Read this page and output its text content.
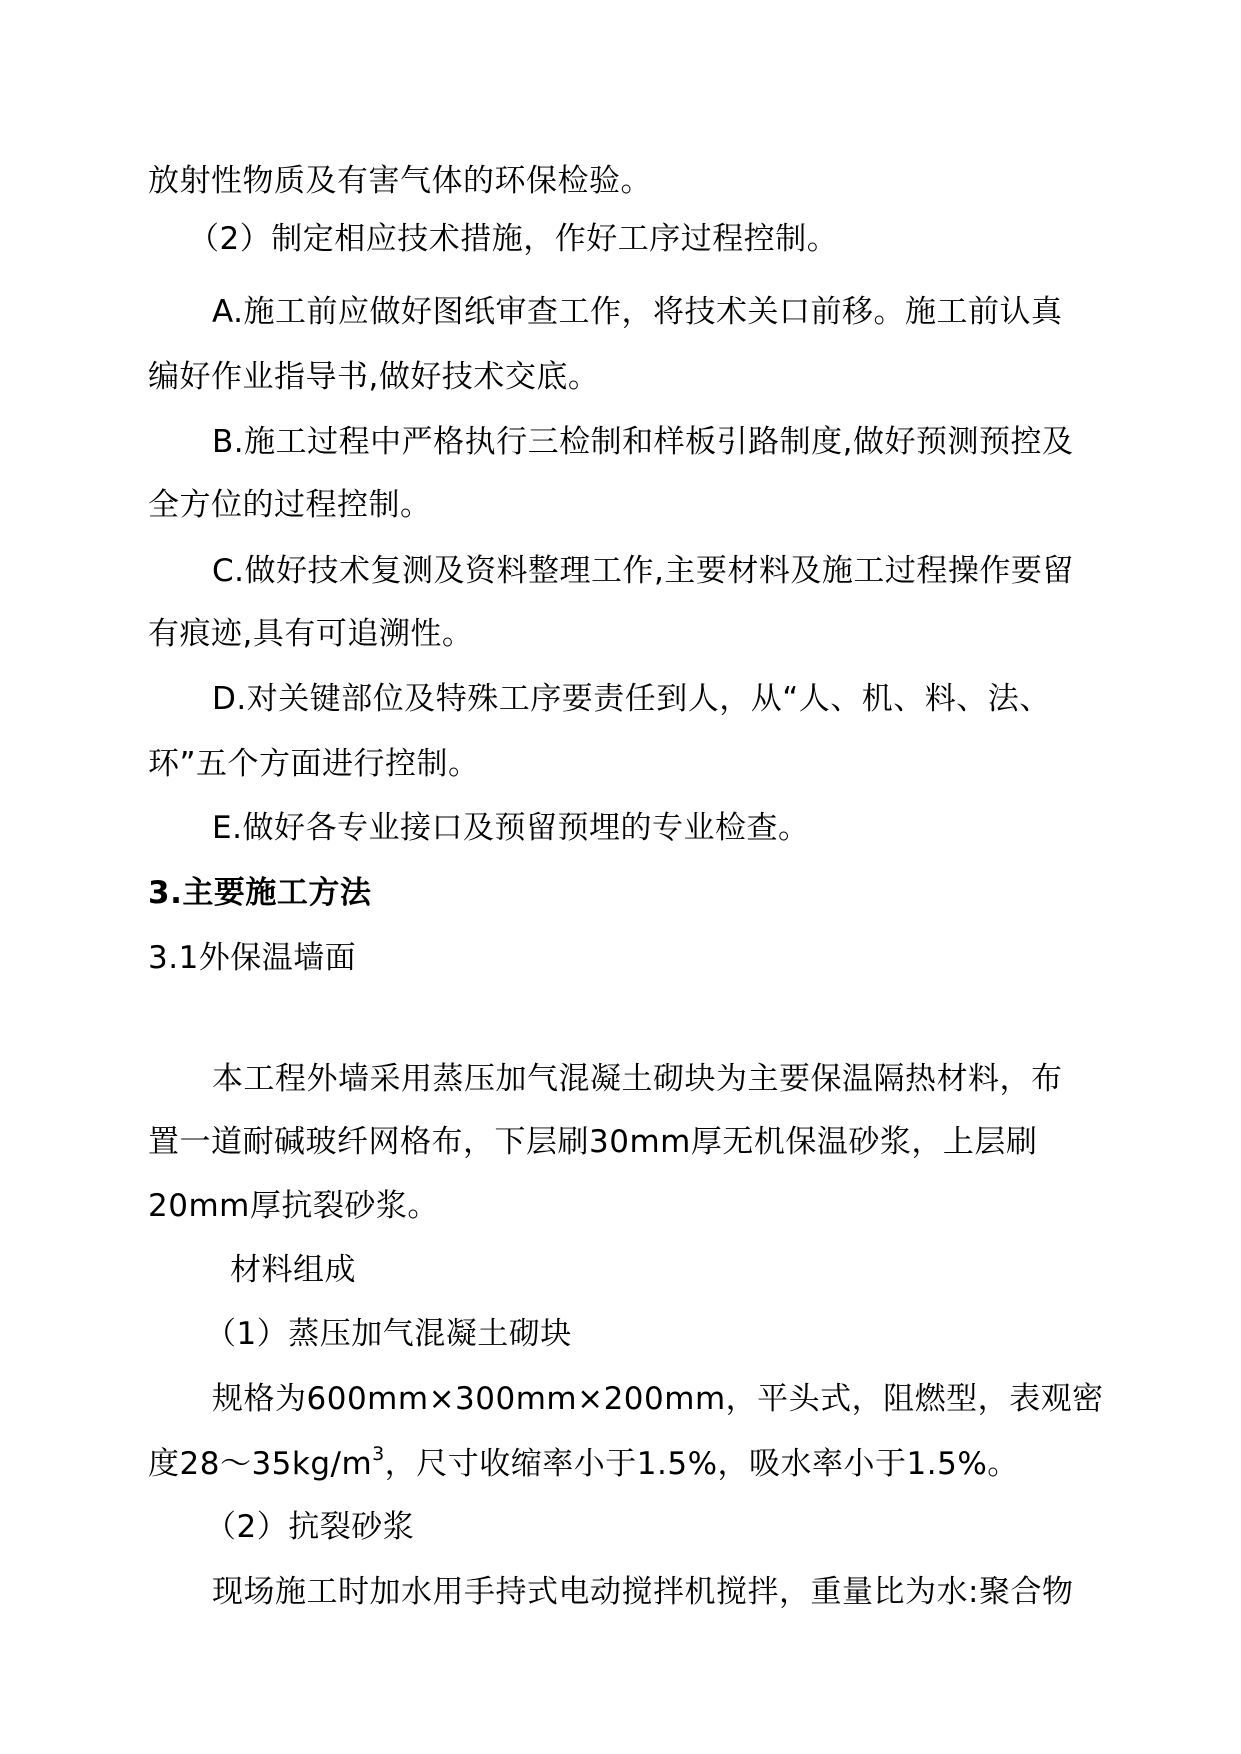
放射性物质及有害气体的环保检验。
（2）制定相应技术措施，作好工序过程控制。
A.施工前应做好图纸审查工作，将技术关口前移。施工前认真
编好作业指导书,做好技术交底。
B.施工过程中严格执行三检制和样板引路制度,做好预测预控及
全方位的过程控制。
C.做好技术复测及资料整理工作,主要材料及施工过程操作要留
有痕迹,具有可追溯性。
D.对关键部位及特殊工序要责任到人，从“人、机、料、法、
环”五个方面进行控制。
E.做好各专业接口及预留预埋的专业检查。
3.主要施工方法
3.1外保温墙面
本工程外墙采用蒸压加气混凝土砌块为主要保温隔热材料，布
置一道耐碱玻纤网格布，下层刷30mm厚无机保温砂浆，上层刷
20mm厚抗裂砂浆。
材料组成
（1）蒸压加气混凝土砌块
规格为600mm×300mm×200mm，平头式，阻燃型，表观密
度$28\sim 35kg/m^3$，尺寸收缩率小于1.5%，吸水率小于1.5%。
（2）抗裂砂浆
现场施工时加水用手持式电动搅拌机搅拌，重量比为水:聚合物
